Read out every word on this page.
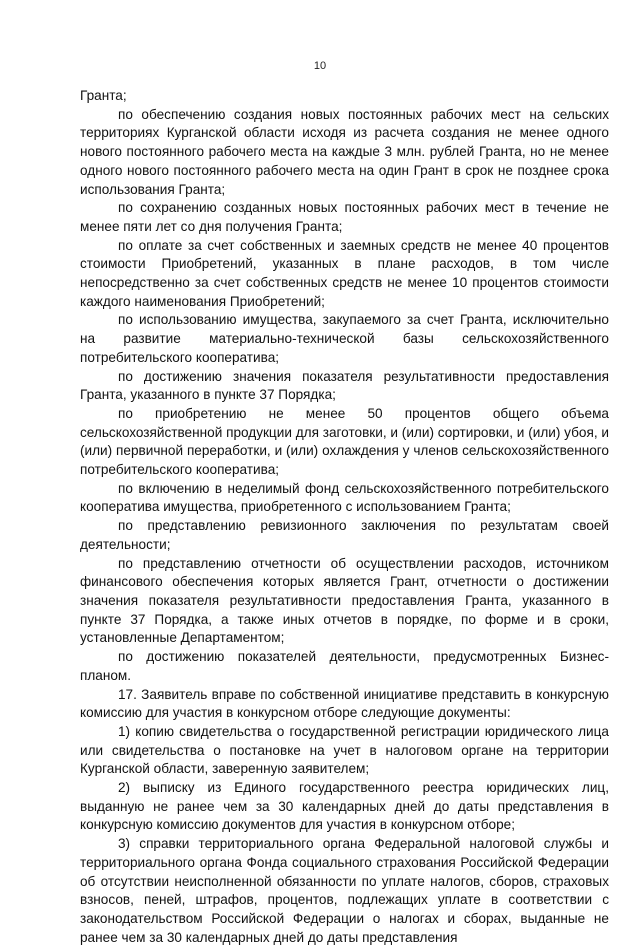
10

Гранта;

по обеспечению создания новых постоянных рабочих мест на сельских территориях Курганской области исходя из расчета создания не менее одного нового постоянного рабочего места на каждые 3 млн. рублей Гранта, но не менее одного нового постоянного рабочего места на один Грант в срок не позднее срока использования Гранта;

по сохранению созданных новых постоянных рабочих мест в течение не менее пяти лет со дня получения Гранта;

по оплате за счет собственных и заемных средств не менее 40 процентов стоимости Приобретений, указанных в плане расходов, в том числе непосредственно за счет собственных средств не менее 10 процентов стоимости каждого наименования Приобретений;

по использованию имущества, закупаемого за счет Гранта, исключительно на развитие материально-технической базы сельскохозяйственного потребительского кооператива;

по достижению значения показателя результативности предоставления Гранта, указанного в пункте 37 Порядка;

по приобретению не менее 50 процентов общего объема сельскохозяйственной продукции для заготовки, и (или) сортировки, и (или) убоя, и (или) первичной переработки, и (или) охлаждения у членов сельскохозяйственного потребительского кооператива;

по включению в неделимый фонд сельскохозяйственного потребительского кооператива имущества, приобретенного с использованием Гранта;

по представлению ревизионного заключения по результатам своей деятельности;

по представлению отчетности об осуществлении расходов, источником финансового обеспечения которых является Грант, отчетности о достижении значения показателя результативности предоставления Гранта, указанного в пункте 37 Порядка, а также иных отчетов в порядке, по форме и в сроки, установленные Департаментом;

по достижению показателей деятельности, предусмотренных Бизнес-планом.

17. Заявитель вправе по собственной инициативе представить в конкурсную комиссию для участия в конкурсном отборе следующие документы:

1) копию свидетельства о государственной регистрации юридического лица или свидетельства о постановке на учет в налоговом органе на территории Курганской области, заверенную заявителем;

2) выписку из Единого государственного реестра юридических лиц, выданную не ранее чем за 30 календарных дней до даты представления в конкурсную комиссию документов для участия в конкурсном отборе;

3) справки территориального органа Федеральной налоговой службы и территориального органа Фонда социального страхования Российской Федерации об отсутствии неисполненной обязанности по уплате налогов, сборов, страховых взносов, пеней, штрафов, процентов, подлежащих уплате в соответствии с законодательством Российской Федерации о налогах и сборах, выданные не ранее чем за 30 календарных дней до даты представления
